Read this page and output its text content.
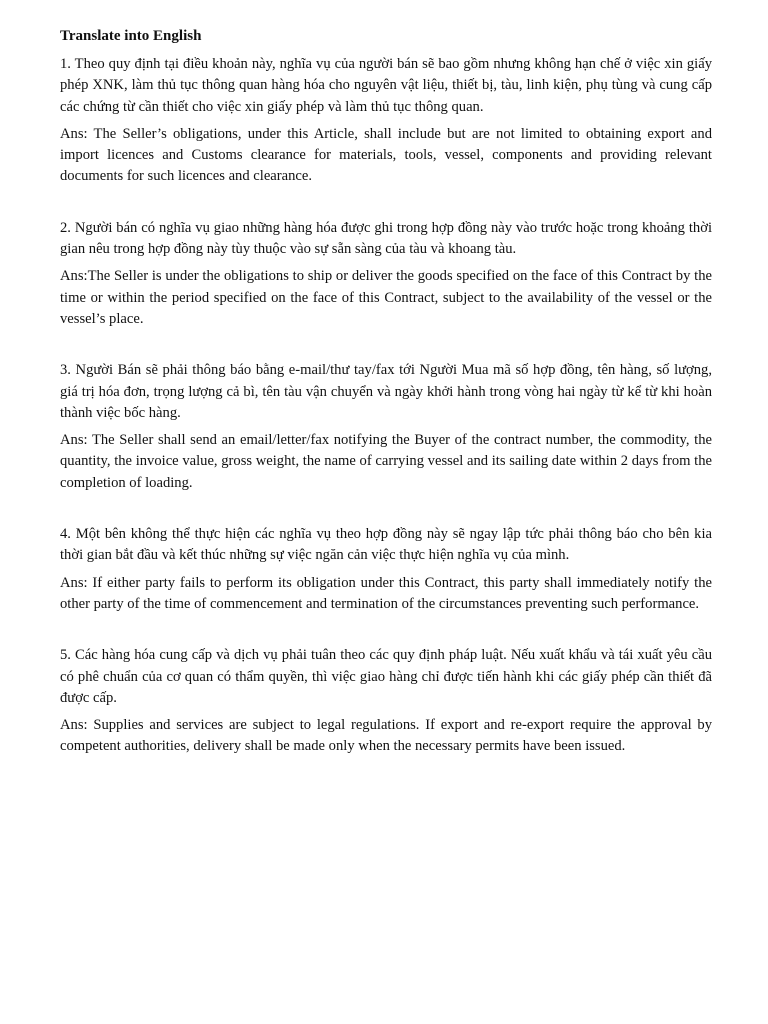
Translate into English

1. Theo quy định tại điều khoản này, nghĩa vụ của người bán sẽ bao gồm nhưng không hạn chế ở việc xin giấy phép XNK, làm thủ tục thông quan hàng hóa cho nguyên vật liệu, thiết bị, tàu, linh kiện, phụ tùng và cung cấp các chứng từ cần thiết cho việc xin giấy phép và làm thủ tục thông quan.

Ans: The Seller’s obligations, under this Article, shall include but are not limited to obtaining export and import licences and Customs clearance for materials, tools, vessel, components and providing relevant documents for such licences and clearance.

2. Người bán có nghĩa vụ giao những hàng hóa được ghi trong hợp đồng này vào trước hoặc trong khoảng thời gian nêu trong hợp đồng này tùy thuộc vào sự sẵn sàng của tàu và khoang tàu.

Ans:The Seller is under the obligations to ship or deliver the goods specified on the face of this Contract by the time or within the period specified on the face of this Contract, subject to the availability of the vessel or the vessel’s place.

3. Người Bán sẽ phải thông báo bằng e-mail/thư tay/fax tới Người Mua mã số hợp đồng, tên hàng, số lượng, giá trị hóa đơn, trọng lượng cả bì, tên tàu vận chuyển và ngày khởi hành trong vòng hai ngày từ kể từ khi hoàn thành việc bốc hàng.

Ans: The Seller shall send an email/letter/fax notifying the Buyer of the contract number, the commodity, the quantity, the invoice value, gross weight, the name of carrying vessel and its sailing date within 2 days from the completion of loading.

4. Một bên không thể thực hiện các nghĩa vụ theo hợp đồng này sẽ ngay lập tức phải thông báo cho bên kia thời gian bắt đầu và kết thúc những sự việc ngăn cản việc thực hiện nghĩa vụ của mình.

Ans: If either party fails to perform its obligation under this Contract, this party shall immediately notify the other party of the time of commencement and termination of the circumstances preventing such performance.

5. Các hàng hóa cung cấp và dịch vụ phải tuân theo các quy định pháp luật. Nếu xuất khẩu và tái xuất yêu cầu có phê chuẩn của cơ quan có thẩm quyền, thì việc giao hàng chỉ được tiến hành khi các giấy phép cần thiết đã được cấp.

Ans: Supplies and services are subject to legal regulations. If export and re-export require the approval by competent authorities, delivery shall be made only when the necessary permits have been issued.
